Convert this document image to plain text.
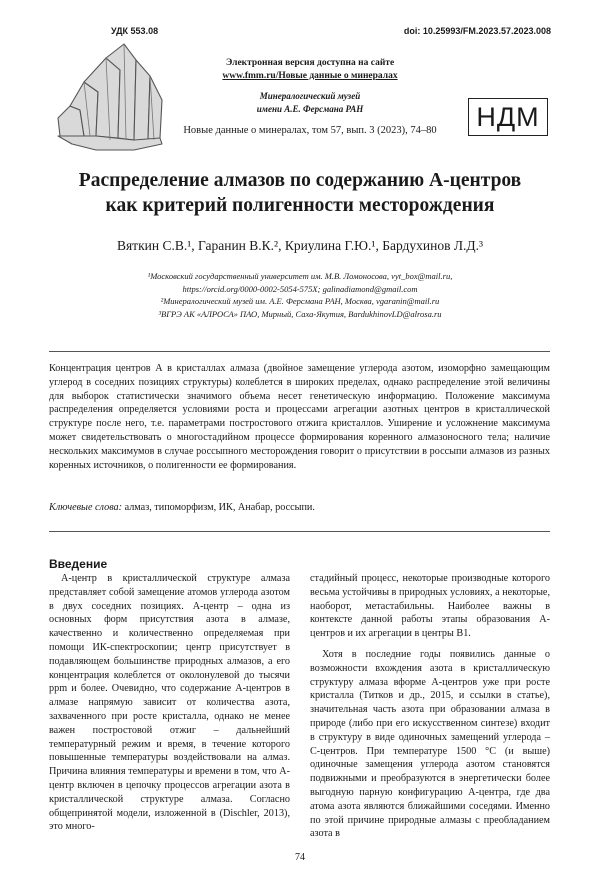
УДК 553.08	doi: 10.25993/FM.2023.57.2023.008
Электронная версия доступна на сайте
www.fmm.ru/Новые данные о минералах
Минералогический музей
имени А.Е. Ферсмана РАН
Новые данные о минералах, том 57, вып. 3 (2023), 74–80	НДМ
Распределение алмазов по содержанию А-центров
как критерий полигенности месторождения
Вяткин С.В.¹, Гаранин В.К.², Криулина Г.Ю.¹, Бардухинов Л.Д.³
¹Московский государственный университет им. М.В. Ломоносова, vyt_box@mail.ru,
https://orcid.org/0000-0002-5054-575X; galinadiamond@gmail.com
²Минералогический музей им. А.Е. Ферсмана РАН, Москва, vgaranin@mail.ru
³ВГРЭ АК «АЛРОСА» ПАО, Мирный, Саха-Якутия, BardukhinovLD@alrosa.ru
Концентрация центров А в кристаллах алмаза (двойное замещение углерода азотом, изоморфно замещающим углерод в соседних позициях структуры) колеблется в широких пределах, однако распределение этой величины для выборок статистически значимого объема несет генетическую информацию. Положение максимума распределения определяется условиями роста и процессами агрегации азотных центров в кристаллической структуре после него, т.е. параметрами постростового отжига кристаллов. Уширение и усложнение максимума может свидетельствовать о многостадийном процессе формирования коренного алмазоносного тела; наличие нескольких максимумов в случае россыпного месторождения говорит о присутствии в россыпи алмазов из разных коренных источников, о полигенности ее формирования.
Ключевые слова: алмаз, типоморфизм, ИК, Анабар, россыпи.
Введение

А-центр в кристаллической структуре алмаза представляет собой замещение атомов углерода азотом в двух соседних позициях. А-центр – одна из основных форм присутствия азота в алмазе, качественно и количественно определяемая при помощи ИК-спектроскопии; центр присутствует в подавляющем большинстве природных алмазов, а его концентрация колеблется от околонулевой до тысячи ppm и более. Очевидно, что содержание А-центров в алмазе напрямую зависит от количества азота, захваченного при росте кристалла, однако не менее важен постростовой отжиг – дальнейший температурный режим и время, в течение которого повышенные температуры воздействовали на алмаз. Причина влияния температуры и времени в том, что А-центр включен в цепочку процессов агрегации азота в кристаллической структуре алмаза. Согласно общепринятой модели, изложенной в (Dischler, 2013), это много-

стадийный процесс, некоторые производные которого весьма устойчивы в природных условиях, а некоторые, наоборот, метастабильны. Наиболее важны в контексте данной работы этапы образования А-центров и их агрегации в центры В1.

Хотя в последние годы появились данные о возможности вхождения азота в кристаллическую структуру алмаза вформе А-центров уже при росте кристалла (Титков и др., 2015, и ссылки в статье), значительная часть азота при образовании алмаза в природе (либо при его искусственном синтезе) входит в структуру в виде одиночных замещений углерода – С-центров. При температуре 1500 °С (и выше) одиночные замещения углерода азотом становятся подвижными и преобразуются в энергетически более выгодную парную конфигурацию А-центра, где два атома азота являются ближайшими соседями. Именно по этой причине природные алмазы с преобладанием азота в

74
